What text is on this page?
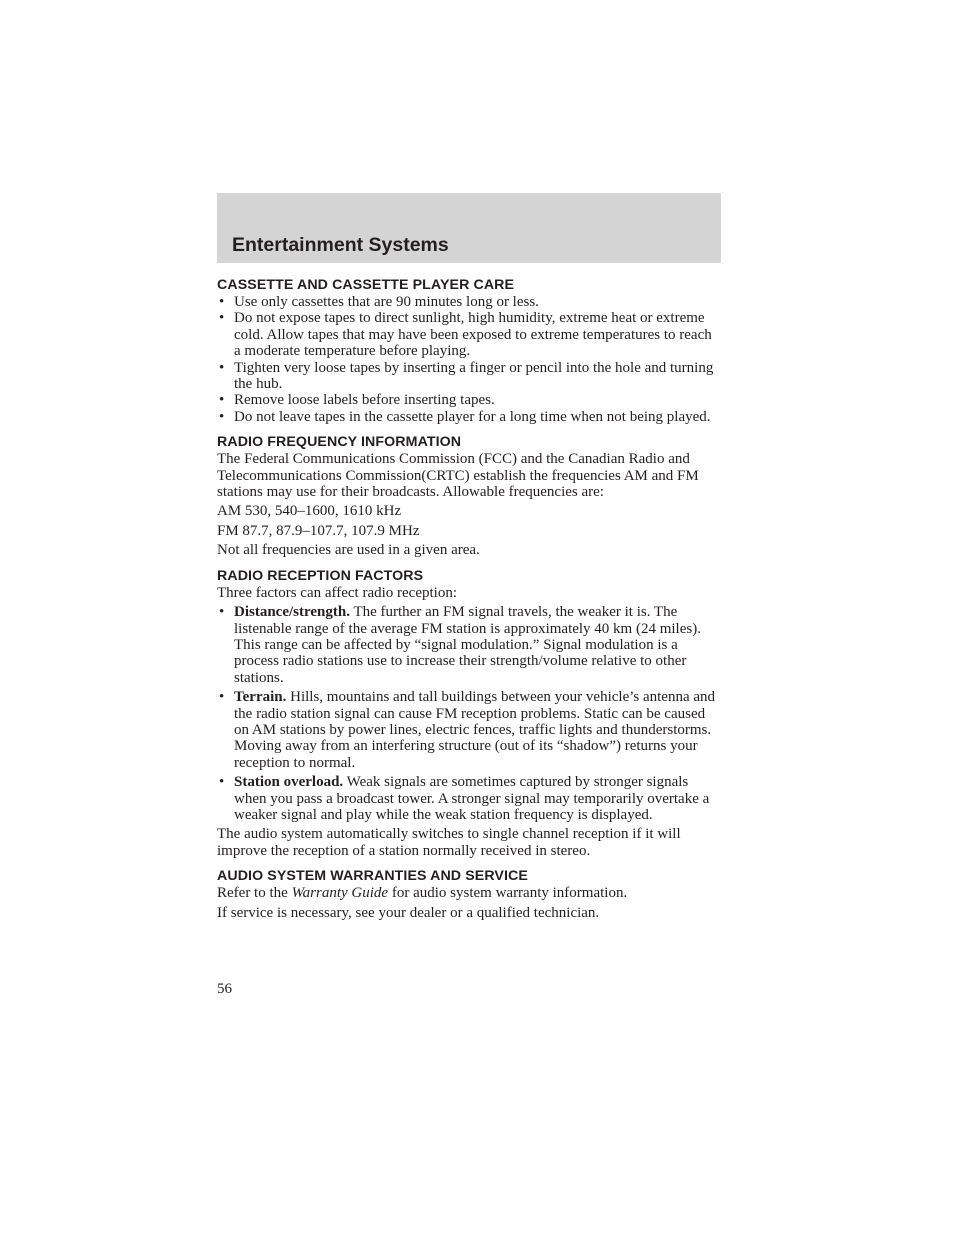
Entertainment Systems
CASSETTE AND CASSETTE PLAYER CARE
• Use only cassettes that are 90 minutes long or less.
• Do not expose tapes to direct sunlight, high humidity, extreme heat or extreme cold. Allow tapes that may have been exposed to extreme temperatures to reach a moderate temperature before playing.
• Tighten very loose tapes by inserting a finger or pencil into the hole and turning the hub.
• Remove loose labels before inserting tapes.
• Do not leave tapes in the cassette player for a long time when not being played.
RADIO FREQUENCY INFORMATION

The Federal Communications Commission (FCC) and the Canadian Radio and Telecommunications Commission(CRTC) establish the frequencies AM and FM stations may use for their broadcasts. Allowable frequencies are:

AM 530, 540–1600, 1610 kHz

FM 87.7, 87.9–107.7, 107.9 MHz

Not all frequencies are used in a given area.

RADIO RECEPTION FACTORS

Three factors can affect radio reception:

• Distance/strength. The further an FM signal travels, the weaker it is. The listenable range of the average FM station is approximately 40 km (24 miles). This range can be affected by “signal modulation.” Signal modulation is a process radio stations use to increase their strength/volume relative to other stations.
• Terrain. Hills, mountains and tall buildings between your vehicle’s antenna and the radio station signal can cause FM reception problems. Static can be caused on AM stations by power lines, electric fences, traffic lights and thunderstorms. Moving away from an interfering structure (out of its “shadow”) returns your reception to normal.
• Station overload. Weak signals are sometimes captured by stronger signals when you pass a broadcast tower. A stronger signal may temporarily overtake a weaker signal and play while the weak station frequency is displayed.

The audio system automatically switches to single channel reception if it will improve the reception of a station normally received in stereo.

AUDIO SYSTEM WARRANTIES AND SERVICE

Refer to the Warranty Guide for audio system warranty information.

If service is necessary, see your dealer or a qualified technician.

56
